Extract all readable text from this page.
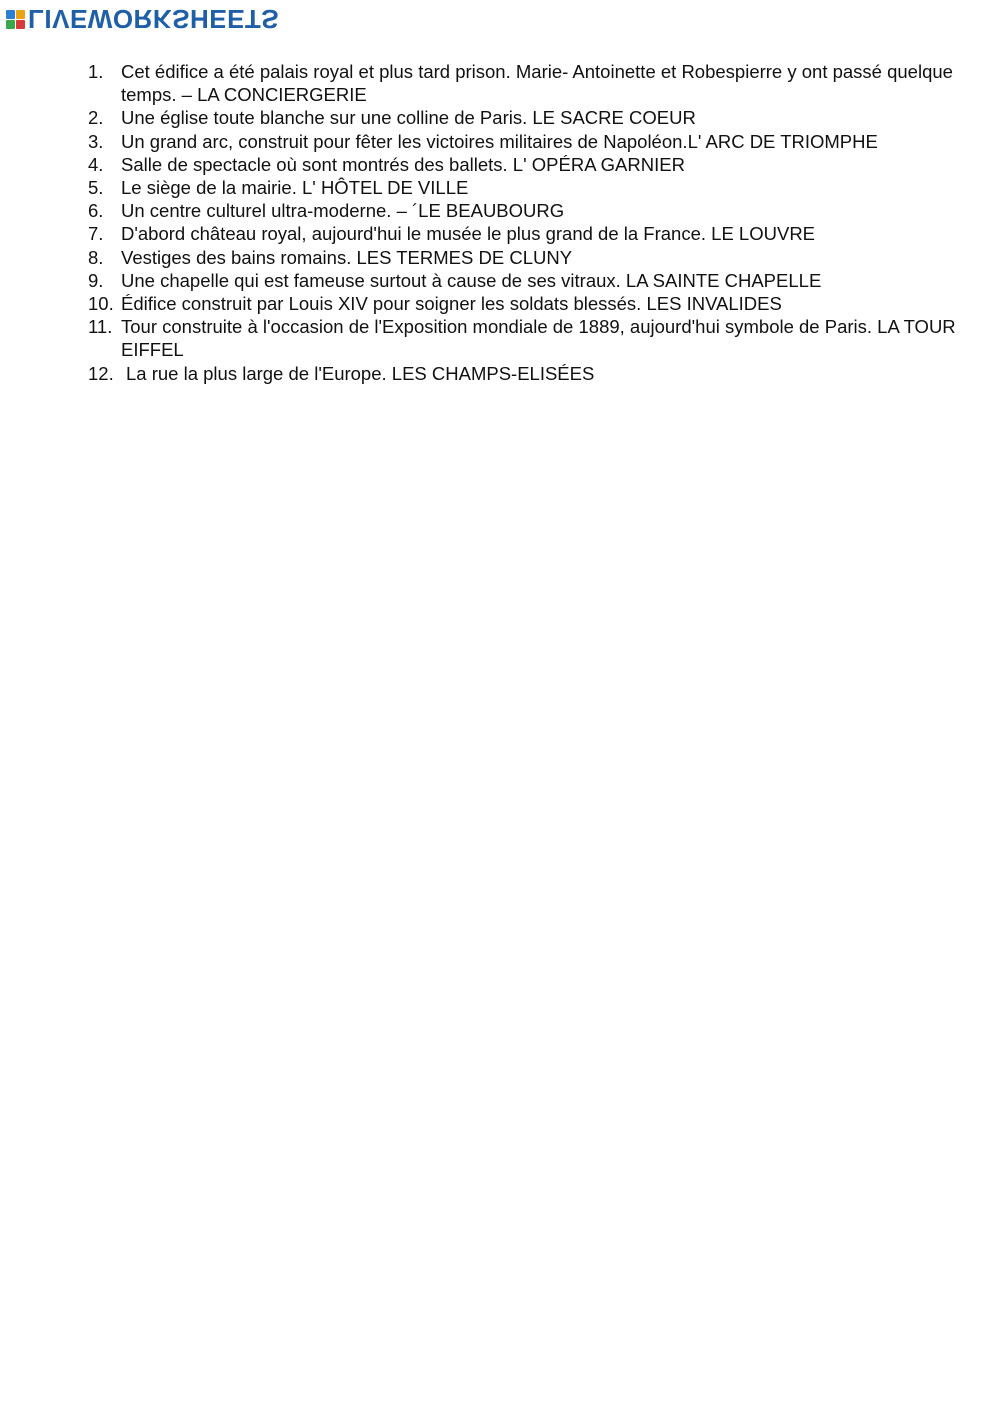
LIVEWORKSHEETS
1. Cet édifice a été palais royal et plus tard prison. Marie- Antoinette et Robespierre y ont passé quelque temps. – LA CONCIERGERIE
2. Une église toute blanche sur une colline de Paris. LE SACRE COEUR
3. Un grand arc, construit pour fêter les victoires militaires de Napoléon.L' ARC DE TRIOMPHE
4. Salle de spectacle où sont montrés des ballets. L' OPÉRA GARNIER
5. Le siège de la mairie. L' HÔTEL DE VILLE
6. Un centre culturel ultra-moderne. – ´LE BEAUBOURG
7. D'abord château royal, aujourd'hui le musée le plus grand de la France. LE LOUVRE
8. Vestiges des bains romains. LES TERMES DE CLUNY
9. Une chapelle qui est fameuse surtout à cause de ses vitraux. LA SAINTE CHAPELLE
10. Édifice construit par Louis XIV pour soigner les soldats blessés. LES INVALIDES
11. Tour construite à l'occasion de l'Exposition mondiale de 1889, aujourd'hui symbole de Paris. LA TOUR EIFFEL
12. La rue la plus large de l'Europe. LES CHAMPS-ELISÉES
